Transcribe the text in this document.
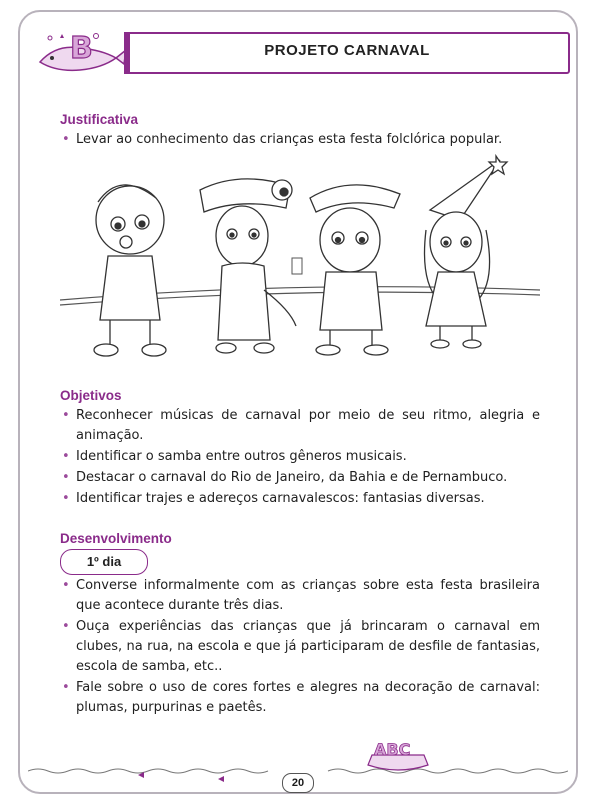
B	PROJETO CARNAVAL
Justificativa
• Levar ao conhecimento das crianças esta festa folclórica popular.
Objetivos
• Reconhecer músicas de carnaval por meio de seu ritmo, alegria e animação.
• Identificar o samba entre outros gêneros musicais.
• Destacar o carnaval do Rio de Janeiro, da Bahia e de Pernambuco.
• Identificar trajes e adereços carnavalescos: fantasias diversas.
Desenvolvimento
1º dia
• Converse informalmente com as crianças sobre esta festa brasileira que acontece durante três dias.
• Ouça experiências das crianças que já brincaram o carnaval em clubes, na rua, na escola e que já participaram de desfile de fantasias, escola de samba, etc..
• Fale sobre o uso de cores fortes e alegres na decoração de carnaval: plumas, purpurinas e paetês.
ABC
20
